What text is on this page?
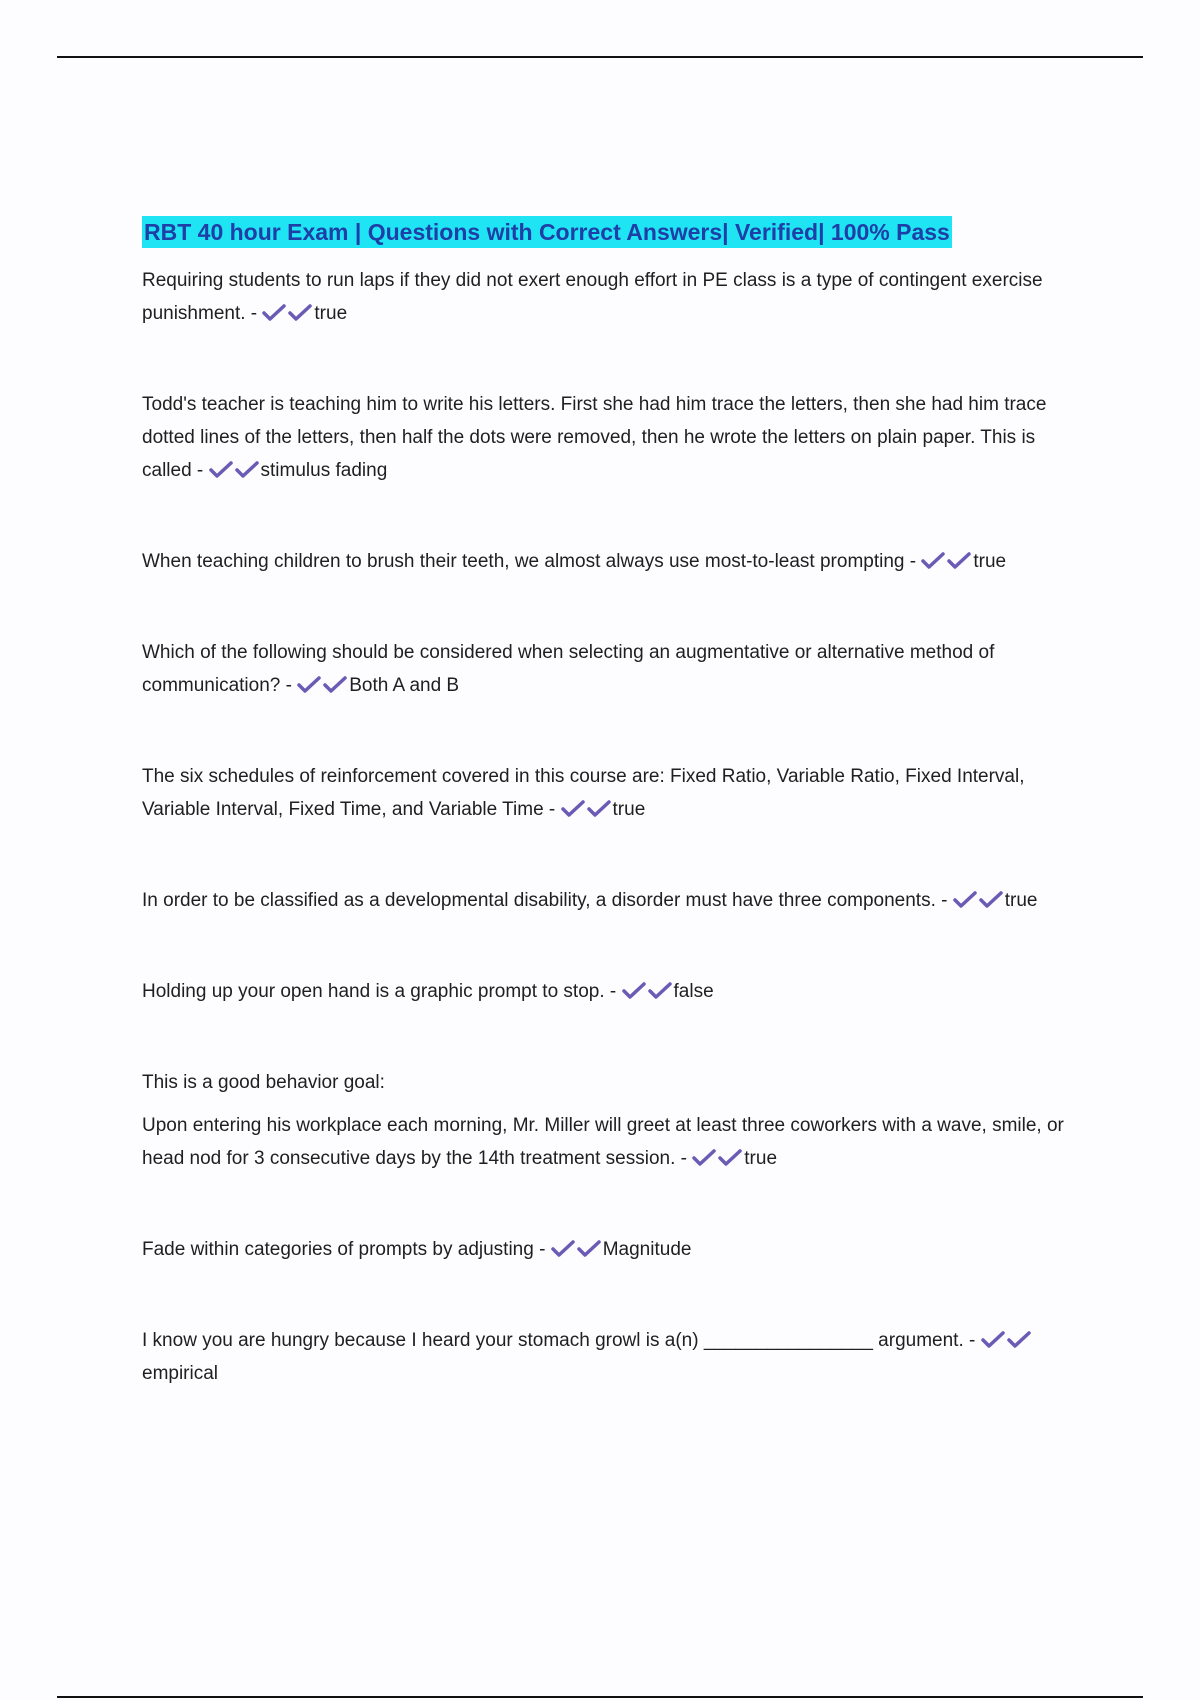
RBT 40 hour Exam | Questions with Correct Answers| Verified| 100% Pass

Requiring students to run laps if they did not exert enough effort in PE class is a type of contingent exercise punishment. -	true

Todd's teacher is teaching him to write his letters. First she had him trace the letters, then she had him trace dotted lines of the letters, then half the dots were removed, then he wrote the letters on plain paper. This is called -	stimulus fading

When teaching children to brush their teeth, we almost always use most-to-least prompting -	true

Which of the following should be considered when selecting an augmentative or alternative method of communication? -	Both A and B

The six schedules of reinforcement covered in this course are: Fixed Ratio, Variable Ratio, Fixed Interval, Variable Interval, Fixed Time, and Variable Time -	true

In order to be classified as a developmental disability, a disorder must have three components. -	true

Holding up your open hand is a graphic prompt to stop. -	false

This is a good behavior goal:

Upon entering his workplace each morning, Mr. Miller will greet at least three coworkers with a wave, smile, or head nod for 3 consecutive days by the 14th treatment session. -	true

Fade within categories of prompts by adjusting -	Magnitude

I know you are hungry because I heard your stomach growl is a(n) ________________ argument. -
empirical
